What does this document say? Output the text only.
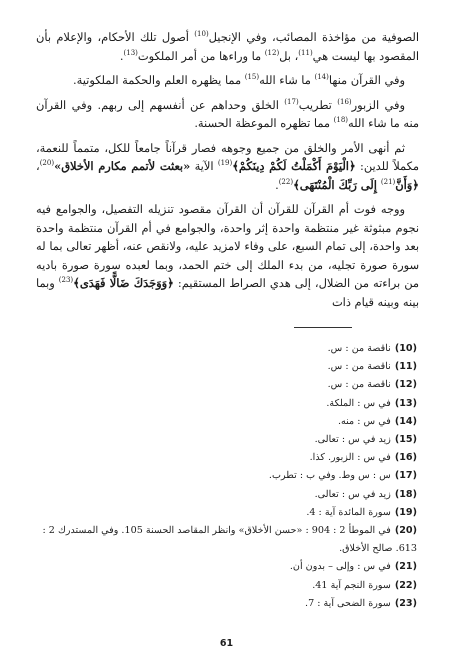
الصوفية من مؤاخذة المصائب، وفي الإنجيل$^{(10)}$ أصول تلك الأحكام، والإعلام بأن المقصود بها ليست هي$^{(11)}$، بل$^{(12)}$ ما وراءها من أمر الملكوت$^{(13)}$.

وفي القرآن منها$^{(14)}$ ما شاء الله$^{(15)}$ مما يظهره العلم والحكمة الملكوتية.

وفي الزبور$^{(16)}$ تطريب$^{(17)}$ الخلق وحداهم عن أنفسهم إلى ربهم. وفي القرآن منه ما شاء الله$^{(18)}$ مما تظهره الموعظة الحسنة.

ثم أنهى الأمر والخلق من جميع وجوهه فصار قرآناً جامعاً للكل، متمماً للنعمة، مكملاً للدين: ﴿الْيَوْمَ أَكْمَلْتُ لَكُمْ دِينَكُمْ﴾$^{(19)}$ الآية «بعثت لأتمم مكارم الأخلاق»$^{(20)}$، ﴿وَأَنَّ$^{(21)}$ إِلَى رَبِّكَ الْمُنْتَهَى﴾$^{(22)}$.

ووجه فوت أم القرآن للقرآن أن القرآن مقصود تنزيله التفصيل، والجوامع فيه نجوم مبثوثة غير منتظمة واحدة إثر واحدة، والجوامع في أم القرآن منتظمة واحدة بعد واحدة، إلى تمام السبع، على وفاء لامزيد عليه، ولانقص عنه، أظهر تعالى بما له سورة صورة تجليه، من بدء الملك إلى ختم الحمد، وبما لعبده سورة صورة باديه من براءته من الضلال، إلى هدي الصراط المستقيم: ﴿وَوَجَدَكَ ضَالًّا فَهَدَى﴾$^{(23)}$ وبما بينه وبينه قيام ذات

(10)ناقصة من : س.
(11)ناقصة من : س.
(12)ناقصة من : س.
(13)في س : الملكة.
(14)في س : منه.
(15)زيد في س : تعالى.
(16)في س : الزبور. كذا.
(17)س : س وط. وفي ب : تطرب.
(18)زيد في س : تعالى.
(19)سورة المائدة آية : 4.
(20)في الموطأ 2 : 904 : «حسن الأخلاق» وانظر المقاصد الحسنة 105. وفي المستدرك 2 : 613. صالح الأخلاق.
(21)في س : وإلى – بدون أن.
(22)سورة النجم آية 41.
(23)سورة الضحى آية : 7.
61
